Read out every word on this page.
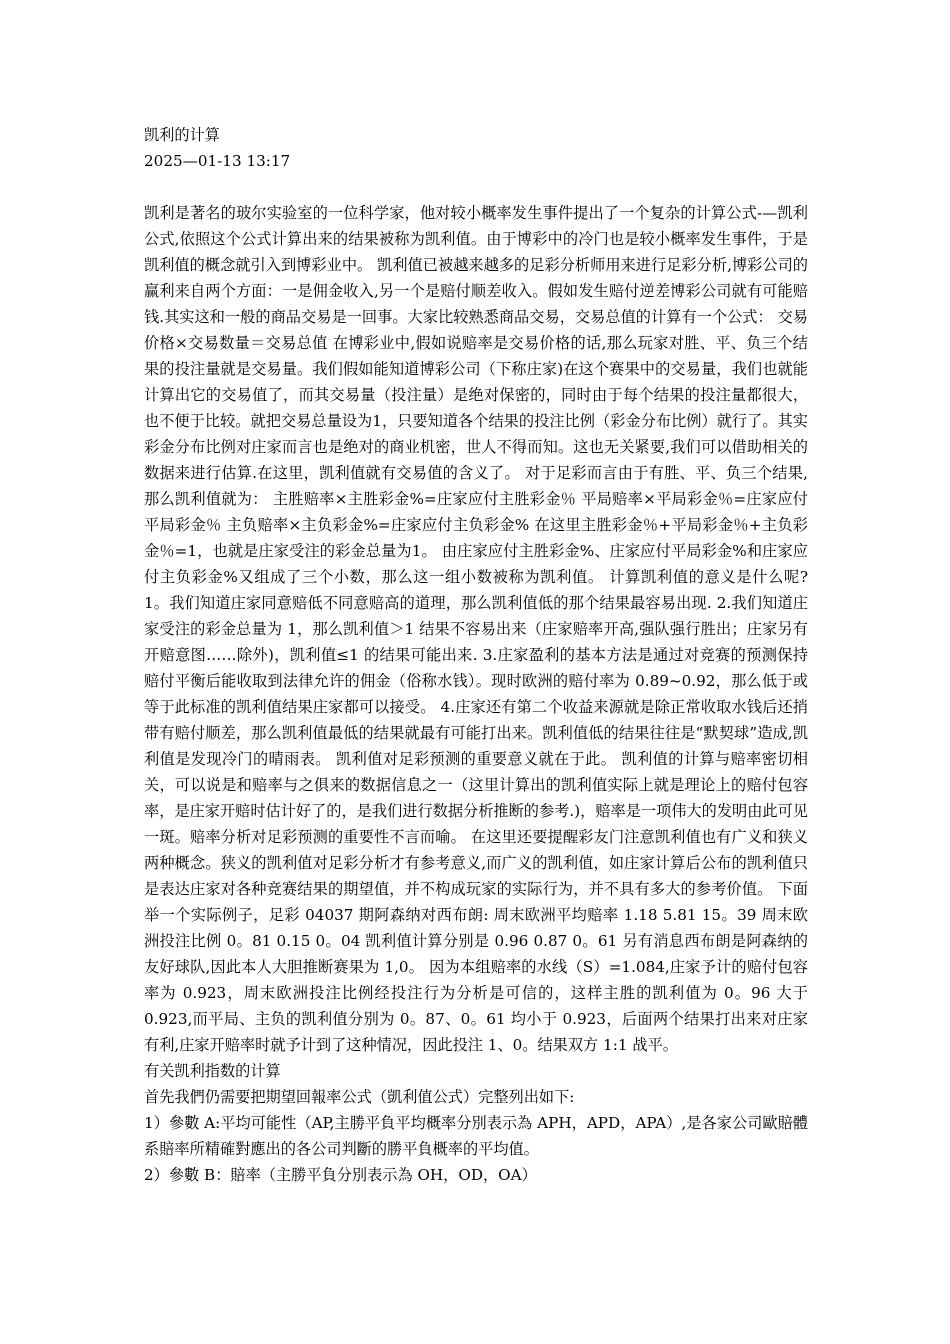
凯利的计算
2025—01-13 13:17
凯利是著名的玻尔实验室的一位科学家，他对较小概率发生事件提出了一个复杂的计算公式-—凯利公式,依照这个公式计算出来的结果被称为凯利值。由于博彩中的冷门也是较小概率发生事件，于是凯利值的概念就引入到博彩业中。 凯利值已被越来越多的足彩分析师用来进行足彩分析,博彩公司的赢利来自两个方面：一是佣金收入,另一个是赔付顺差收入。假如发生赔付逆差博彩公司就有可能赔钱.其实这和一般的商品交易是一回事。大家比较熟悉商品交易，交易总值的计算有一个公式： 交易价格×交易数量＝交易总值 在博彩业中,假如说赔率是交易价格的话,那么玩家对胜、平、负三个结果的投注量就是交易量。我们假如能知道博彩公司（下称庄家)在这个赛果中的交易量，我们也就能计算出它的交易值了，而其交易量（投注量）是绝对保密的，同时由于每个结果的投注量都很大，也不便于比较。就把交易总量设为1，只要知道各个结果的投注比例（彩金分布比例）就行了。其实彩金分布比例对庄家而言也是绝对的商业机密，世人不得而知。这也无关紧要,我们可以借助相关的数据来进行估算.在这里，凯利值就有交易值的含义了。 对于足彩而言由于有胜、平、负三个结果,那么凯利值就为： 主胜赔率×主胜彩金%=庄家应付主胜彩金％ 平局赔率×平局彩金％=庄家应付平局彩金％ 主负赔率×主负彩金%=庄家应付主负彩金% 在这里主胜彩金％+平局彩金％+主负彩金％=1，也就是庄家受注的彩金总量为1。 由庄家应付主胜彩金%、庄家应付平局彩金%和庄家应付主负彩金%又组成了三个小数，那么这一组小数被称为凯利值。 计算凯利值的意义是什么呢? 1。我们知道庄家同意赔低不同意赔高的道理，那么凯利值低的那个结果最容易出现. 2.我们知道庄家受注的彩金总量为 1，那么凯利值＞1 结果不容易出来（庄家赔率开高,强队强行胜出；庄家另有开赔意图……除外)，凯利值≤1 的结果可能出来. 3.庄家盈利的基本方法是通过对竞赛的预测保持赔付平衡后能收取到法律允许的佣金（俗称水钱）。现时欧洲的赔付率为 0.89~0.92，那么低于或等于此标准的凯利值结果庄家都可以接受。 4.庄家还有第二个收益来源就是除正常收取水钱后还捎带有赔付顺差，那么凯利值最低的结果就最有可能打出来。凯利值低的结果往往是“默契球”造成,凯利值是发现冷门的晴雨表。 凯利值对足彩预测的重要意义就在于此。 凯利值的计算与赔率密切相关，可以说是和赔率与之俱来的数据信息之一（这里计算出的凯利值实际上就是理论上的赔付包容率，是庄家开赔时估计好了的，是我们进行数据分析推断的参考.)，赔率是一项伟大的发明由此可见一斑。赔率分析对足彩预测的重要性不言而喻。 在这里还要提醒彩友门注意凯利值也有广义和狭义两种概念。狭义的凯利值对足彩分析才有参考意义,而广义的凯利值，如庄家计算后公布的凯利值只是表达庄家对各种竞赛结果的期望值，并不构成玩家的实际行为，并不具有多大的参考价值。 下面举一个实际例子，足彩 04037 期阿森纳对西布朗: 周末欧洲平均赔率 1.18 5.81 15。39 周末欧洲投注比例 0。81 0.15 0。04 凯利值计算分别是 0.96 0.87 0。61 另有消息西布朗是阿森纳的友好球队,因此本人大胆推断赛果为 1,0。 因为本组赔率的水线（S）=1.084,庄家予计的赔付包容率为 0.923，周末欧洲投注比例经投注行为分析是可信的，这样主胜的凯利值为 0。96 大于 0.923,而平局、主负的凯利值分别为 0。87、0。61 均小于 0.923，后面两个结果打出来对庄家有利,庄家开赔率时就予计到了这种情况，因此投注 1、0。结果双方 1:1 战平。
有关凯利指数的计算
首先我們仍需要把期望回報率公式（凱利值公式）完整列出如下:
1）參數 A:平均可能性（AP,主勝平負平均概率分別表示為 APH，APD，APA）,是各家公司歐賠體系賠率所精確對應出的各公司判斷的勝平負概率的平均值。
2）參數 B：賠率（主勝平負分別表示為 OH，OD，OA）
